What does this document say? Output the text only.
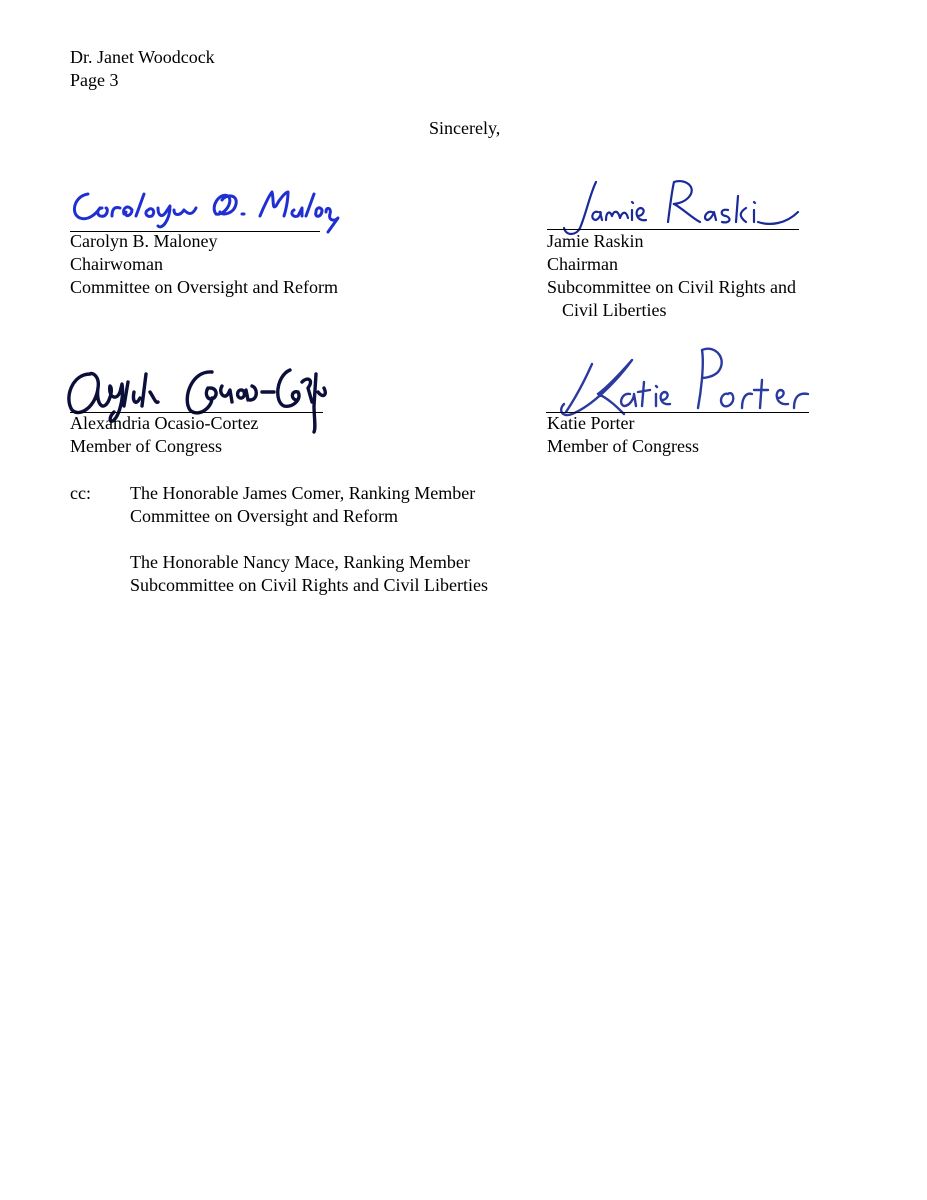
Dr. Janet Woodcock
Page 3
Sincerely,
Carolyn B. Maloney
Chairwoman
Committee on Oversight and Reform
Jamie Raskin
Chairman
Subcommittee on Civil Rights and
Civil Liberties
Alexandria Ocasio-Cortez
Member of Congress
Katie Porter
Member of Congress
cc: The Honorable James Comer, Ranking Member
Committee on Oversight and Reform
The Honorable Nancy Mace, Ranking Member
Subcommittee on Civil Rights and Civil Liberties
